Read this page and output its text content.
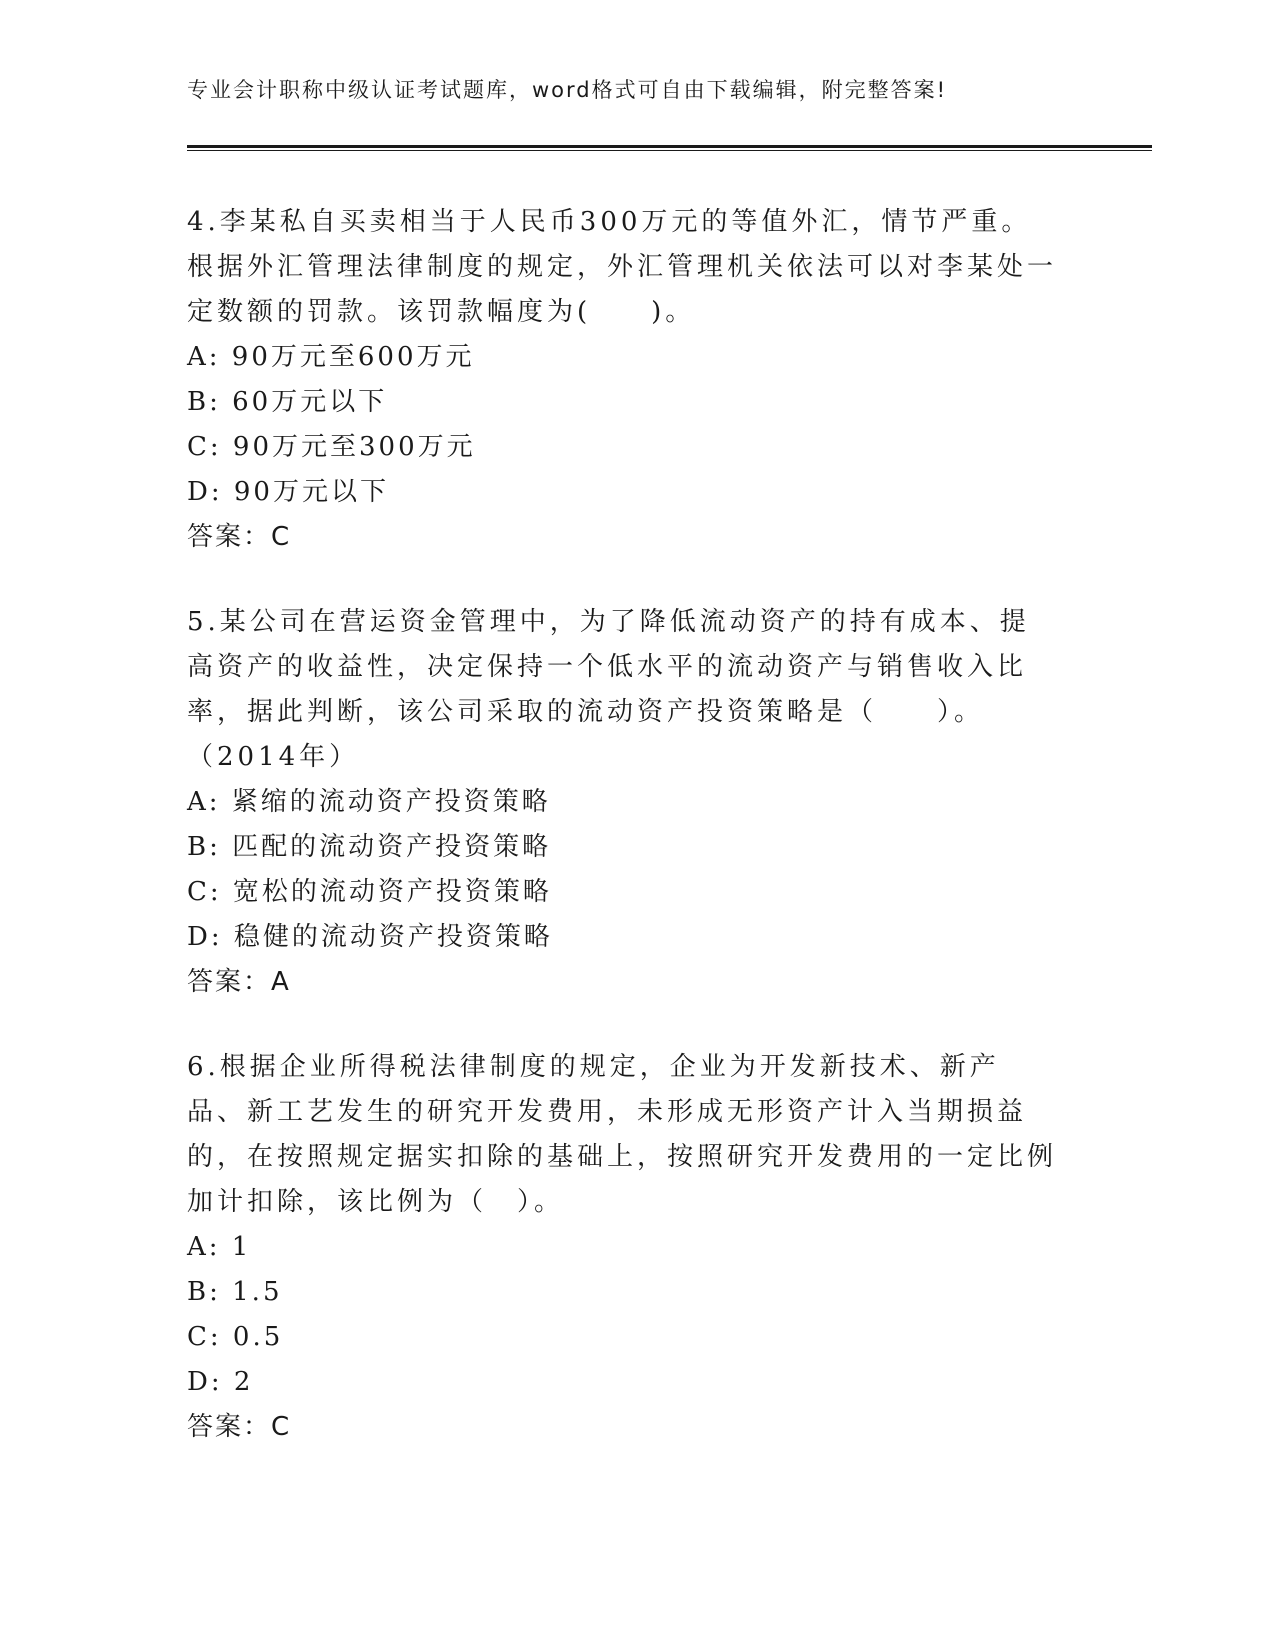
专业会计职称中级认证考试题库，word格式可自由下载编辑，附完整答案!

4.李某私自买卖相当于人民币300万元的等值外汇，情节严重。根据外汇管理法律制度的规定，外汇管理机关依法可以对李某处一定数额的罚款。该罚款幅度为(　　)。

A: 90万元至600万元

B: 60万元以下

C: 90万元至300万元

D: 90万元以下

答案：C

5.某公司在营运资金管理中，为了降低流动资产的持有成本、提高资产的收益性，决定保持一个低水平的流动资产与销售收入比率，据此判断，该公司采取的流动资产投资策略是（　　）。（2014年）

A: 紧缩的流动资产投资策略

B: 匹配的流动资产投资策略

C: 宽松的流动资产投资策略

D: 稳健的流动资产投资策略

答案：A

6.根据企业所得税法律制度的规定，企业为开发新技术、新产品、新工艺发生的研究开发费用，未形成无形资产计入当期损益的，在按照规定据实扣除的基础上，按照研究开发费用的一定比例加计扣除，该比例为（　）。

A: 1

B: 1.5

C: 0.5

D: 2

答案：C
